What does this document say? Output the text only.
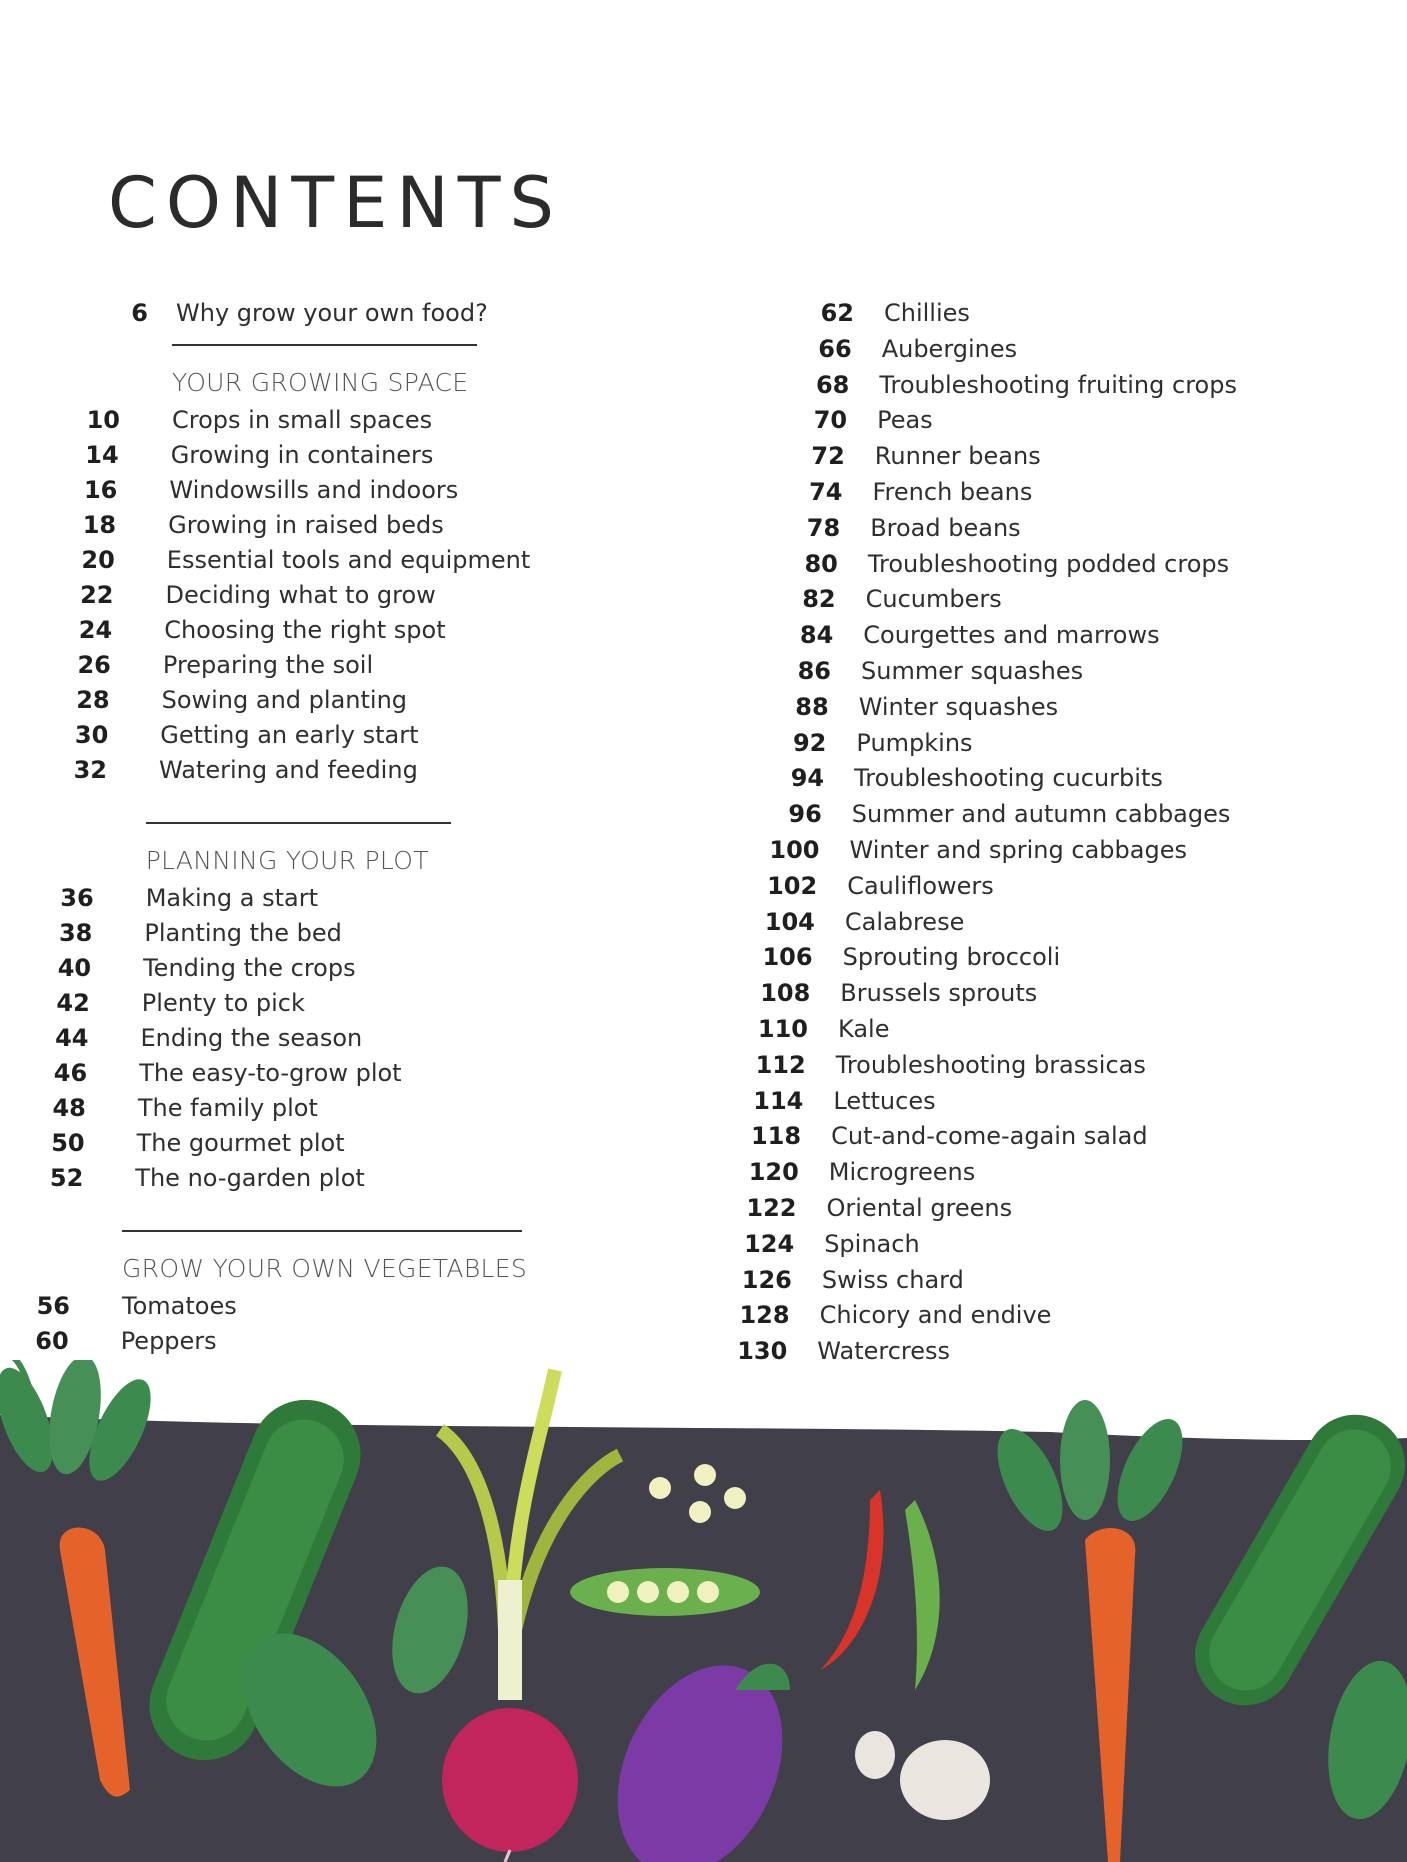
CONTENTS
6 Why grow your own food?
YOUR GROWING SPACE
10 Crops in small spaces
14 Growing in containers
16 Windowsills and indoors
18 Growing in raised beds
20 Essential tools and equipment
22 Deciding what to grow
24 Choosing the right spot
26 Preparing the soil
28 Sowing and planting
30 Getting an early start
32 Watering and feeding
PLANNING YOUR PLOT
36 Making a start
38 Planting the bed
40 Tending the crops
42 Plenty to pick
44 Ending the season
46 The easy-to-grow plot
48 The family plot
50 The gourmet plot
52 The no-garden plot
GROW YOUR OWN VEGETABLES
56 Tomatoes
60 Peppers
62 Chillies
66 Aubergines
68 Troubleshooting fruiting crops
70 Peas
72 Runner beans
74 French beans
78 Broad beans
80 Troubleshooting podded crops
82 Cucumbers
84 Courgettes and marrows
86 Summer squashes
88 Winter squashes
92 Pumpkins
94 Troubleshooting cucurbits
96 Summer and autumn cabbages
100 Winter and spring cabbages
102 Cauliflowers
104 Calabrese
106 Sprouting broccoli
108 Brussels sprouts
110 Kale
112 Troubleshooting brassicas
114 Lettuces
118 Cut-and-come-again salad
120 Microgreens
122 Oriental greens
124 Spinach
126 Swiss chard
128 Chicory and endive
130 Watercress
